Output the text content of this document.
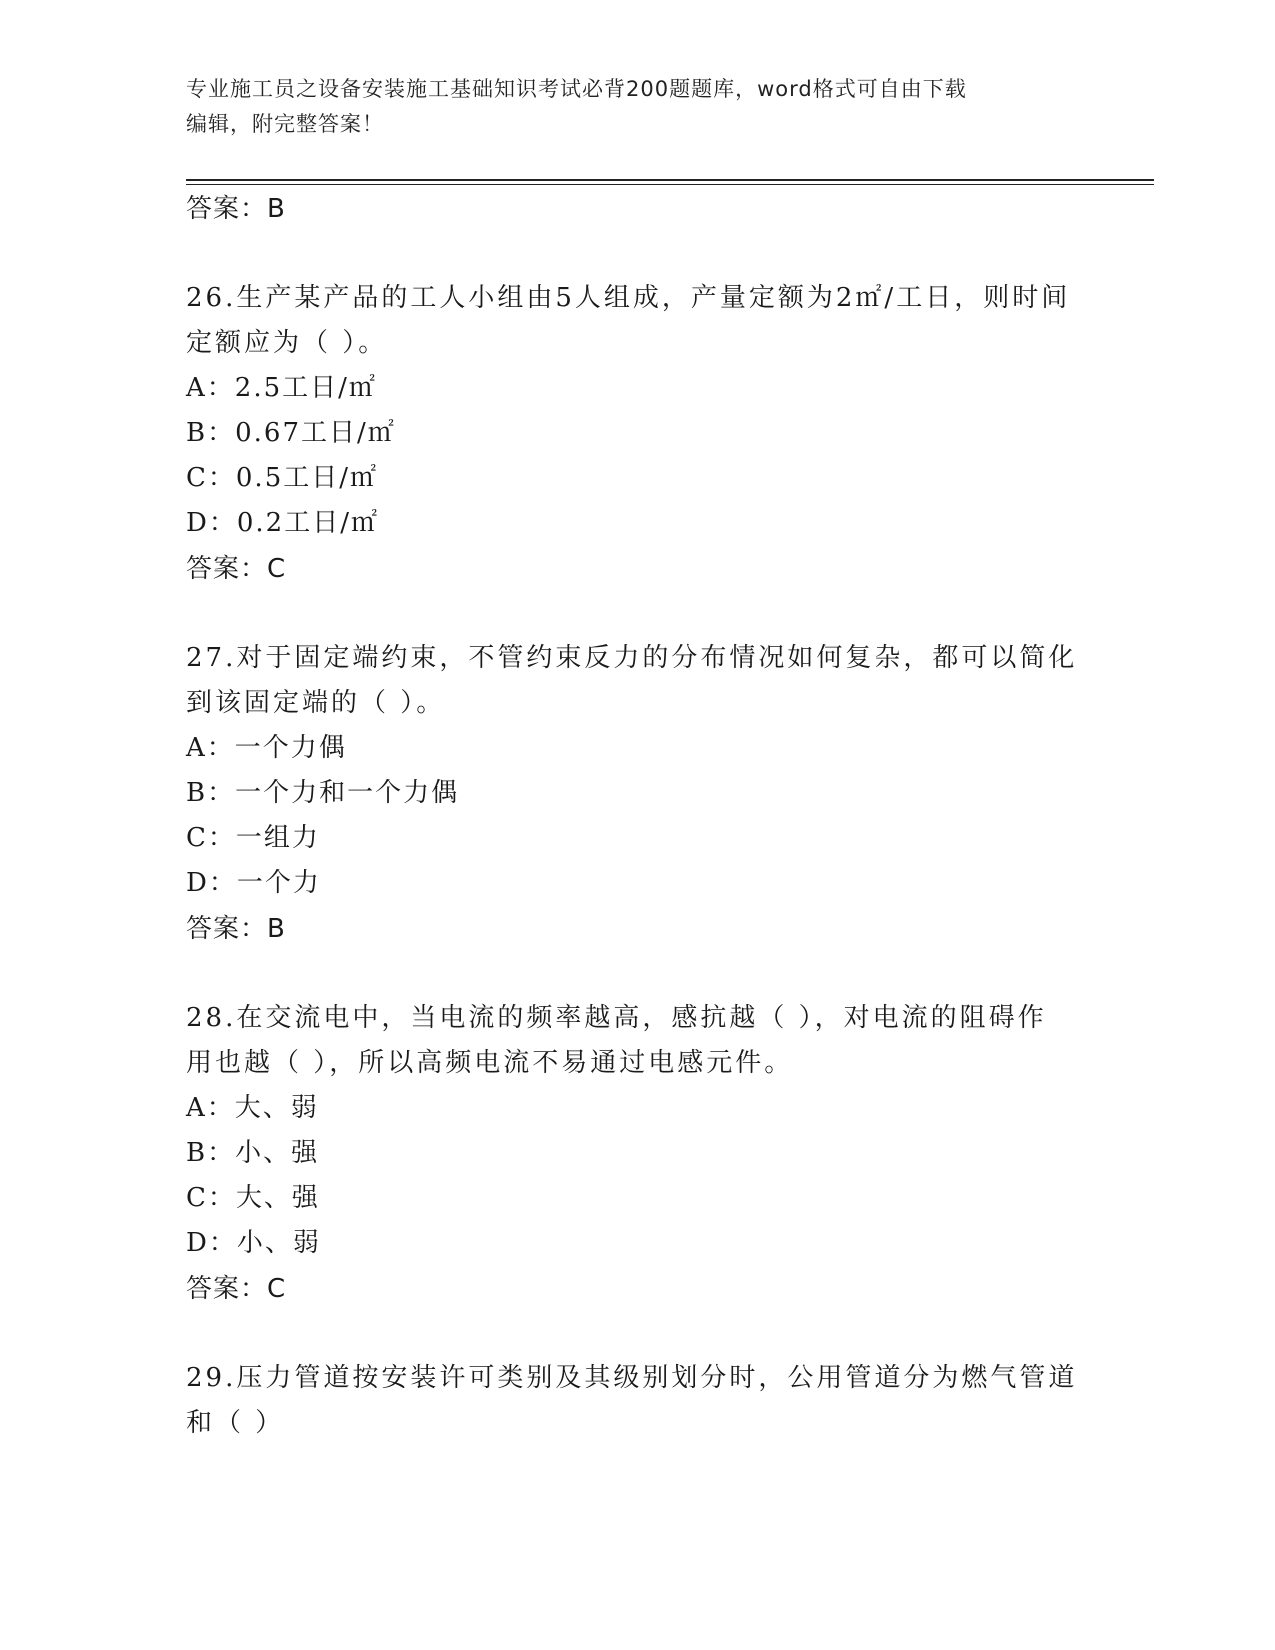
专业施工员之设备安装施工基础知识考试必背200题题库，word格式可自由下载
编辑，附完整答案！

答案：B

26.生产某产品的工人小组由5人组成，产量定额为2㎡/工日，则时间

定额应为（ ）。

A：2.5工日/㎡

B：0.67工日/㎡

C：0.5工日/㎡

D：0.2工日/㎡

答案：C

27.对于固定端约束，不管约束反力的分布情况如何复杂，都可以简化

到该固定端的（ ）。

A：一个力偶

B：一个力和一个力偶

C：一组力

D：一个力

答案：B

28.在交流电中，当电流的频率越高，感抗越（ ），对电流的阻碍作

用也越（ ），所以高频电流不易通过电感元件。

A：大、弱

B：小、强

C：大、强

D：小、弱

答案：C

29.压力管道按安装许可类别及其级别划分时，公用管道分为燃气管道

和（ ）
